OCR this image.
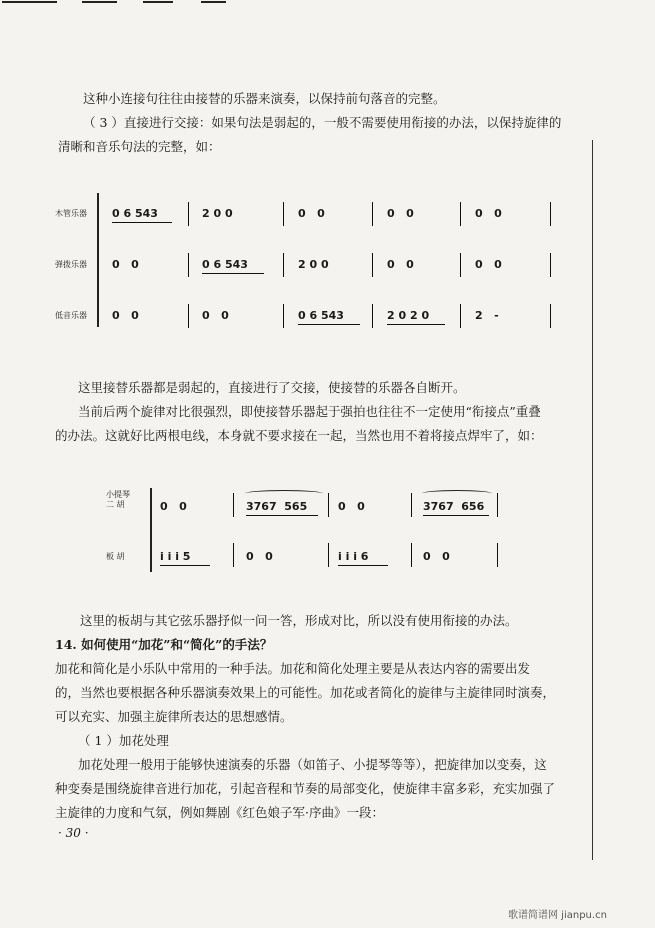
这种小连接句往往由接替的乐器来演奏，以保持前句落音的完整。
（ 3 ）直接进行交接：如果句法是弱起的，一般不需要使用衔接的办法，以保持旋律的
清晰和音乐句法的完整，如：
木管乐器
弹拨乐器
低音乐器
0 6 543	2 0 0	0   0	0   0	0   0
0   0	0 6 543	2 0 0	0   0	0   0
0   0	0   0	0 6 543	2 0 2 0	2   -
这里接替乐器都是弱起的，直接进行了交接，使接替的乐器各自断开。
当前后两个旋律对比很强烈，即使接替乐器起于强拍也往往不一定使用“衔接点”重叠
的办法。这就好比两根电线，本身就不要求接在一起，当然也用不着将接点焊牢了，如：
小提琴
二 胡
板 胡
0   0	3767  565	0   0	3767  656
i i i 5	0   0	i i i 6	0   0
这里的板胡与其它弦乐器抒似一问一答，形成对比，所以没有使用衔接的办法。
14. 如何使用“加花”和“简化”的手法？
加花和简化是小乐队中常用的一种手法。加花和简化处理主要是从表达内容的需要出发
的，当然也要根据各种乐器演奏效果上的可能性。加花或者简化的旋律与主旋律同时演奏，
可以充实、加强主旋律所表达的思想感情。
（ 1 ）加花处理
加花处理一般用于能够快速演奏的乐器（如笛子、小提琴等等），把旋律加以变奏，这
种变奏是围绕旋律音进行加花，引起音程和节奏的局部变化，使旋律丰富多彩，充实加强了
主旋律的力度和气氛，例如舞剧《红色娘子军·序曲》一段：
· 30 ·
歌谱简谱网 jianpu.cn
